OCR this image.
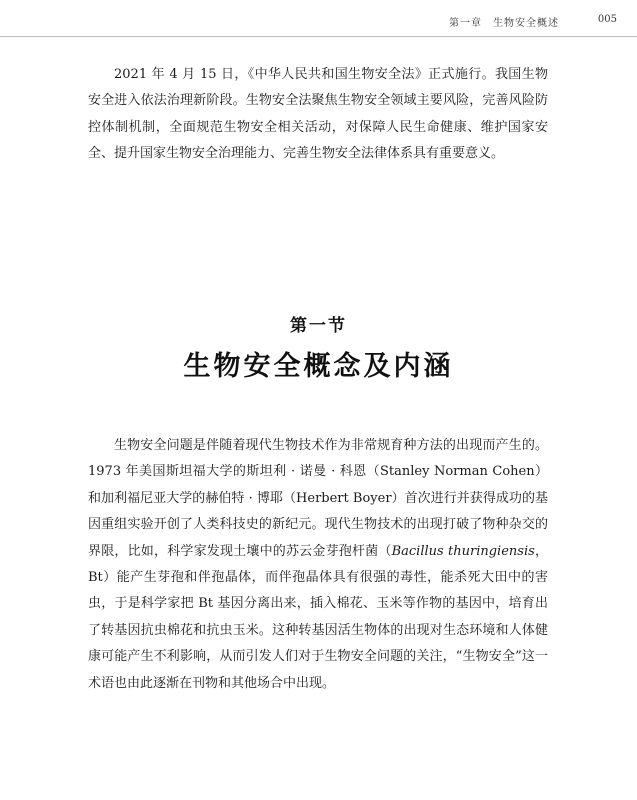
第一章　生物安全概述	005

2021 年 4 月 15 日，《中华人民共和国生物安全法》正式施行。我国生物安全进入依法治理新阶段。生物安全法聚焦生物安全领域主要风险，完善风险防控体制机制，全面规范生物安全相关活动，对保障人民生命健康、维护国家安全、提升国家生物安全治理能力、完善生物安全法律体系具有重要意义。

第一节
生物安全概念及内涵

生物安全问题是伴随着现代生物技术作为非常规育种方法的出现而产生的。1973 年美国斯坦福大学的斯坦利 · 诺曼 · 科恩（Stanley Norman Cohen）和加利福尼亚大学的赫伯特 · 博耶（Herbert Boyer）首次进行并获得成功的基因重组实验开创了人类科技史的新纪元。现代生物技术的出现打破了物种杂交的界限，比如，科学家发现土壤中的苏云金芽孢杆菌（Bacillus thuringiensis，Bt）能产生芽孢和伴孢晶体，而伴孢晶体具有很强的毒性，能杀死大田中的害虫，于是科学家把 Bt 基因分离出来，插入棉花、玉米等作物的基因中，培育出了转基因抗虫棉花和抗虫玉米。这种转基因活生物体的出现对生态环境和人体健康可能产生不利影响，从而引发人们对于生物安全问题的关注，“生物安全”这一术语也由此逐渐在刊物和其他场合中出现。
